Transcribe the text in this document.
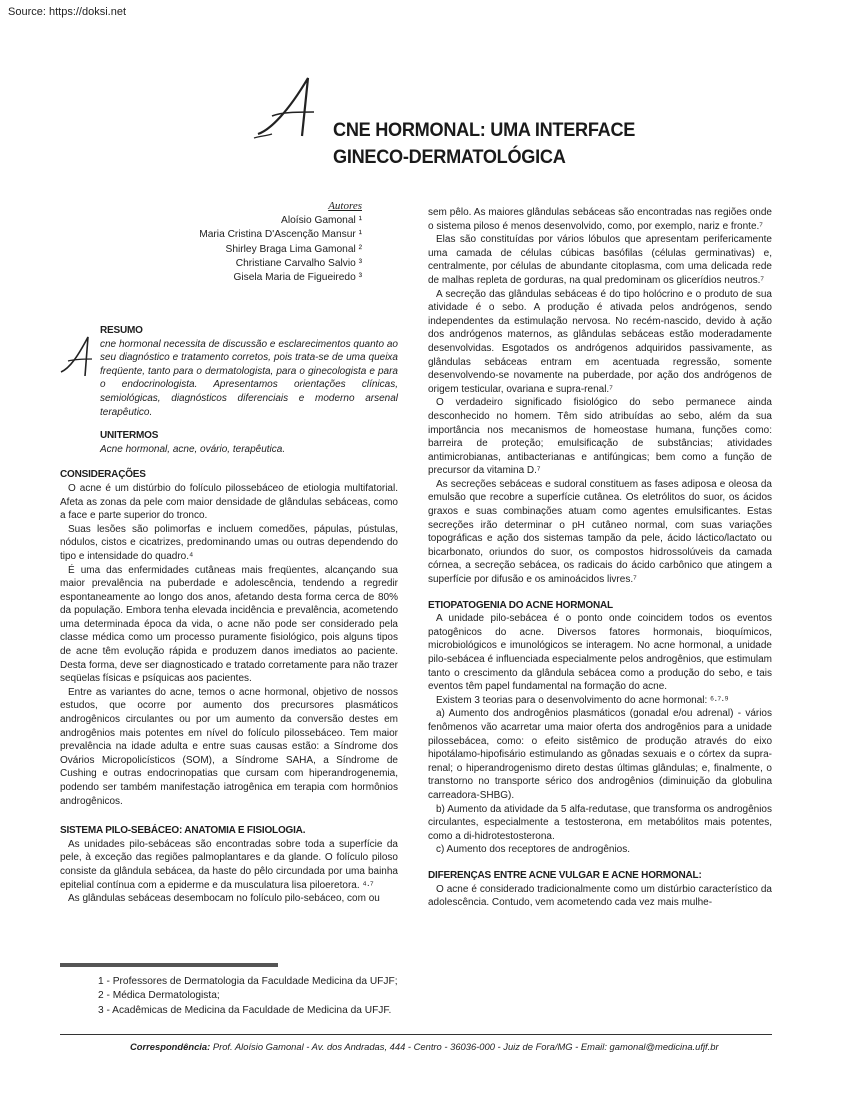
Source: https://doksi.net
CNE HORMONAL: UMA INTERFACE
GINECO-DERMATOLÓGICA
Autores
Aloísio Gamonal ¹
Maria Cristina D'Ascenção Mansur ¹
Shirley Braga Lima Gamonal ²
Christiane Carvalho Salvio ³
Gisela Maria de Figueiredo ³
RESUMO

cne hormonal necessita de discussão e esclarecimentos quanto ao seu diagnóstico e tratamento corretos, pois trata-se de uma queixa freqüente, tanto para o dermatologista, para o ginecologista e para o endocrinologista. Apresentamos orientações clínicas, semiológicas, diagnósticos diferenciais e moderno arsenal terapêutico.

UNITERMOS

Acne hormonal, acne, ovário, terapêutica.

CONSIDERAÇÕES

O acne é um distúrbio do folículo pilossebáceo de etiologia multifatorial. Afeta as zonas da pele com maior densidade de glândulas sebáceas, como a face e parte superior do tronco.

Suas lesões são polimorfas e incluem comedões, pápulas, pústulas, nódulos, cistos e cicatrizes, predominando umas ou outras dependendo do tipo e intensidade do quadro.⁴

É uma das enfermidades cutâneas mais freqüentes, alcançando sua maior prevalência na puberdade e adolescência, tendendo a regredir espontaneamente ao longo dos anos, afetando desta forma cerca de 80% da população. Embora tenha elevada incidência e prevalência, acometendo uma determinada época da vida, o acne não pode ser considerado pela classe médica como um processo puramente fisiológico, pois alguns tipos de acne têm evolução rápida e produzem danos imediatos ao paciente. Desta forma, deve ser diagnosticado e tratado corretamente para não trazer seqüelas físicas e psíquicas aos pacientes.

Entre as variantes do acne, temos o acne hormonal, objetivo de nossos estudos, que ocorre por aumento dos precursores plasmáticos androgênicos circulantes ou por um aumento da conversão destes em androgênios mais potentes em nível do folículo pilossebáceo. Tem maior prevalência na idade adulta e entre suas causas estão: a Síndrome dos Ovários Micropolicísticos (SOM), a Síndrome SAHA, a Síndrome de Cushing e outras endocrinopatias que cursam com hiperandrogenemia, podendo ser também manifestação iatrogênica em terapia com hormônios androgênicos.

SISTEMA PILO-SEBÁCEO: ANATOMIA E FISIOLOGIA.

As unidades pilo-sebáceas são encontradas sobre toda a superfície da pele, à exceção das regiões palmoplantares e da glande. O folículo piloso consiste da glândula sebácea, da haste do pêlo circundada por uma bainha epitelial contínua com a epiderme e da musculatura lisa piloeretora. ⁴·⁷

As glândulas sebáceas desembocam no folículo pilo-sebáceo, com ou

sem pêlo. As maiores glândulas sebáceas são encontradas nas regiões onde o sistema piloso é menos desenvolvido, como, por exemplo, nariz e fronte.⁷

Elas são constituídas por vários lóbulos que apresentam perifericamente uma camada de células cúbicas basófilas (células germinativas) e, centralmente, por células de abundante citoplasma, com uma delicada rede de malhas repleta de gorduras, na qual predominam os glicerídios neutros.⁷

A secreção das glândulas sebáceas é do tipo holócrino e o produto de sua atividade é o sebo. A produção é ativada pelos andrógenos, sendo independentes da estimulação nervosa. No recém-nascido, devido à ação dos andrógenos maternos, as glândulas sebáceas estão moderadamente desenvolvidas. Esgotados os andrógenos adquiridos passivamente, as glândulas sebáceas entram em acentuada regressão, somente desenvolvendo-se novamente na puberdade, por ação dos andrógenos de origem testicular, ovariana e supra-renal.⁷

O verdadeiro significado fisiológico do sebo permanece ainda desconhecido no homem. Têm sido atribuídas ao sebo, além da sua importância nos mecanismos de homeostase humana, funções como: barreira de proteção; emulsificação de substâncias; atividades antimicrobianas, antibacterianas e antifúngicas; bem como a função de precursor da vitamina D.⁷

As secreções sebáceas e sudoral constituem as fases adiposa e oleosa da emulsão que recobre a superfície cutânea. Os eletrólitos do suor, os ácidos graxos e suas combinações atuam como agentes emulsificantes. Estas secreções irão determinar o pH cutâneo normal, com suas variações topográficas e ação dos sistemas tampão da pele, ácido láctico/lactato ou bicarbonato, oriundos do suor, os compostos hidrossolúveis da camada córnea, a secreção sebácea, os radicais do ácido carbônico que atingem a superfície por difusão e os aminoácidos livres.⁷

ETIOPATOGENIA DO ACNE HORMONAL

A unidade pilo-sebácea é o ponto onde coincidem todos os eventos patogênicos do acne. Diversos fatores hormonais, bioquímicos, microbiológicos e imunológicos se interagem. No acne hormonal, a unidade pilo-sebácea é influenciada especialmente pelos androgênios, que estimulam tanto o crescimento da glândula sebácea como a produção do sebo, e tais eventos têm papel fundamental na formação do acne.

Existem 3 teorias para o desenvolvimento do acne hormonal: ⁶·⁷·⁹

a) Aumento dos androgênios plasmáticos (gonadal e/ou adrenal) - vários fenômenos vão acarretar uma maior oferta dos androgênios para a unidade pilossebácea, como: o efeito sistêmico de produção através do eixo hipotálamo-hipofisário estimulando as gônadas sexuais e o córtex da supra-renal; o hiperandrogenismo direto destas últimas glândulas; e, finalmente, o transtorno no transporte sérico dos androgênios (diminuição da globulina carreadora-SHBG).

b) Aumento da atividade da 5 alfa-redutase, que transforma os androgênios circulantes, especialmente a testosterona, em metabólitos mais potentes, como a di-hidrotestosterona.

c) Aumento dos receptores de androgênios.

DIFERENÇAS ENTRE ACNE VULGAR E ACNE HORMONAL:

O acne é considerado tradicionalmente como um distúrbio característico da adolescência. Contudo, vem acometendo cada vez mais mulhe-

1 - Professores de Dermatologia da Faculdade Medicina da UFJF;
2 - Médica Dermatologista;
3 - Acadêmicas de Medicina da Faculdade de Medicina da UFJF.
Correspondência: Prof. Aloísio Gamonal - Av. dos Andradas, 444 - Centro - 36036-000 - Juiz de Fora/MG - Email: gamonal@medicina.ufjf.br
